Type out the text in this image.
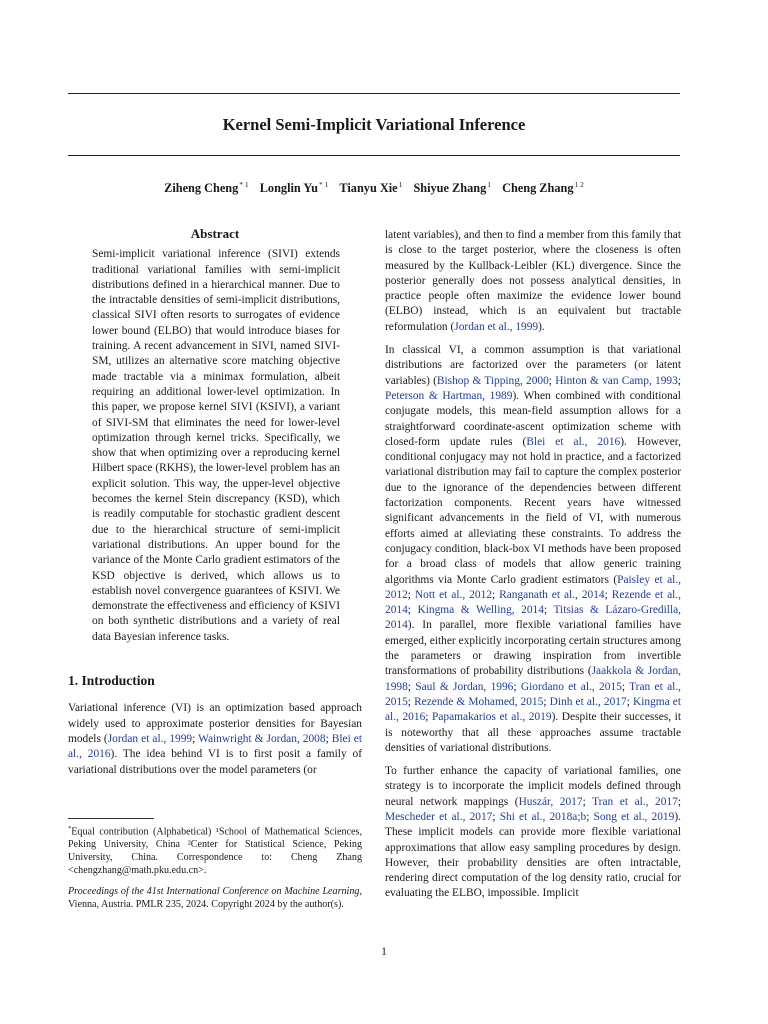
Kernel Semi-Implicit Variational Inference
Ziheng Cheng$^{* 1}$ Longlin Yu$^{* 1}$ Tianyu Xie$^1$ Shiyue Zhang$^1$ Cheng Zhang$^{1 2}$
Abstract

Semi-implicit variational inference (SIVI) extends traditional variational families with semi-implicit distributions defined in a hierarchical manner. Due to the intractable densities of semi-implicit distributions, classical SIVI often resorts to surrogates of evidence lower bound (ELBO) that would introduce biases for training. A recent advancement in SIVI, named SIVI-SM, utilizes an alternative score matching objective made tractable via a minimax formulation, albeit requiring an additional lower-level optimization. In this paper, we propose kernel SIVI (KSIVI), a variant of SIVI-SM that eliminates the need for lower-level optimization through kernel tricks. Specifically, we show that when optimizing over a reproducing kernel Hilbert space (RKHS), the lower-level problem has an explicit solution. This way, the upper-level objective becomes the kernel Stein discrepancy (KSD), which is readily computable for stochastic gradient descent due to the hierarchical structure of semi-implicit variational distributions. An upper bound for the variance of the Monte Carlo gradient estimators of the KSD objective is derived, which allows us to establish novel convergence guarantees of KSIVI. We demonstrate the effectiveness and efficiency of KSIVI on both synthetic distributions and a variety of real data Bayesian inference tasks.

1. Introduction

Variational inference (VI) is an optimization based approach widely used to approximate posterior densities for Bayesian models (Jordan et al., 1999; Wainwright & Jordan, 2008; Blei et al., 2016). The idea behind VI is to first posit a family of variational distributions over the model parameters (or

*Equal contribution (Alphabetical) ¹School of Mathematical Sciences, Peking University, China ²Center for Statistical Science, Peking University, China. Correspondence to: Cheng Zhang <chengzhang@math.pku.edu.cn>.
Proceedings of the 41st International Conference on Machine Learning, Vienna, Austria. PMLR 235, 2024. Copyright 2024 by the author(s).

latent variables), and then to find a member from this family that is close to the target posterior, where the closeness is often measured by the Kullback-Leibler (KL) divergence. Since the posterior generally does not possess analytical densities, in practice people often maximize the evidence lower bound (ELBO) instead, which is an equivalent but tractable reformulation (Jordan et al., 1999).

In classical VI, a common assumption is that variational distributions are factorized over the parameters (or latent variables) (Bishop & Tipping, 2000; Hinton & van Camp, 1993; Peterson & Hartman, 1989). When combined with conditional conjugate models, this mean-field assumption allows for a straightforward coordinate-ascent optimization scheme with closed-form update rules (Blei et al., 2016). However, conditional conjugacy may not hold in practice, and a factorized variational distribution may fail to capture the complex posterior due to the ignorance of the dependencies between different factorization components. Recent years have witnessed significant advancements in the field of VI, with numerous efforts aimed at alleviating these constraints. To address the conjugacy condition, black-box VI methods have been proposed for a broad class of models that allow generic training algorithms via Monte Carlo gradient estimators (Paisley et al., 2012; Nott et al., 2012; Ranganath et al., 2014; Rezende et al., 2014; Kingma & Welling, 2014; Titsias & Lázaro-Gredilla, 2014). In parallel, more flexible variational families have emerged, either explicitly incorporating certain structures among the parameters or drawing inspiration from invertible transformations of probability distributions (Jaakkola & Jordan, 1998; Saul & Jordan, 1996; Giordano et al., 2015; Tran et al., 2015; Rezende & Mohamed, 2015; Dinh et al., 2017; Kingma et al., 2016; Papamakarios et al., 2019). Despite their successes, it is noteworthy that all these approaches assume tractable densities of variational distributions.

To further enhance the capacity of variational families, one strategy is to incorporate the implicit models defined through neural network mappings (Huszár, 2017; Tran et al., 2017; Mescheder et al., 2017; Shi et al., 2018a;b; Song et al., 2019). These implicit models can provide more flexible variational approximations that allow easy sampling procedures by design. However, their probability densities are often intractable, rendering direct computation of the log density ratio, crucial for evaluating the ELBO, impossible. Implicit

1
